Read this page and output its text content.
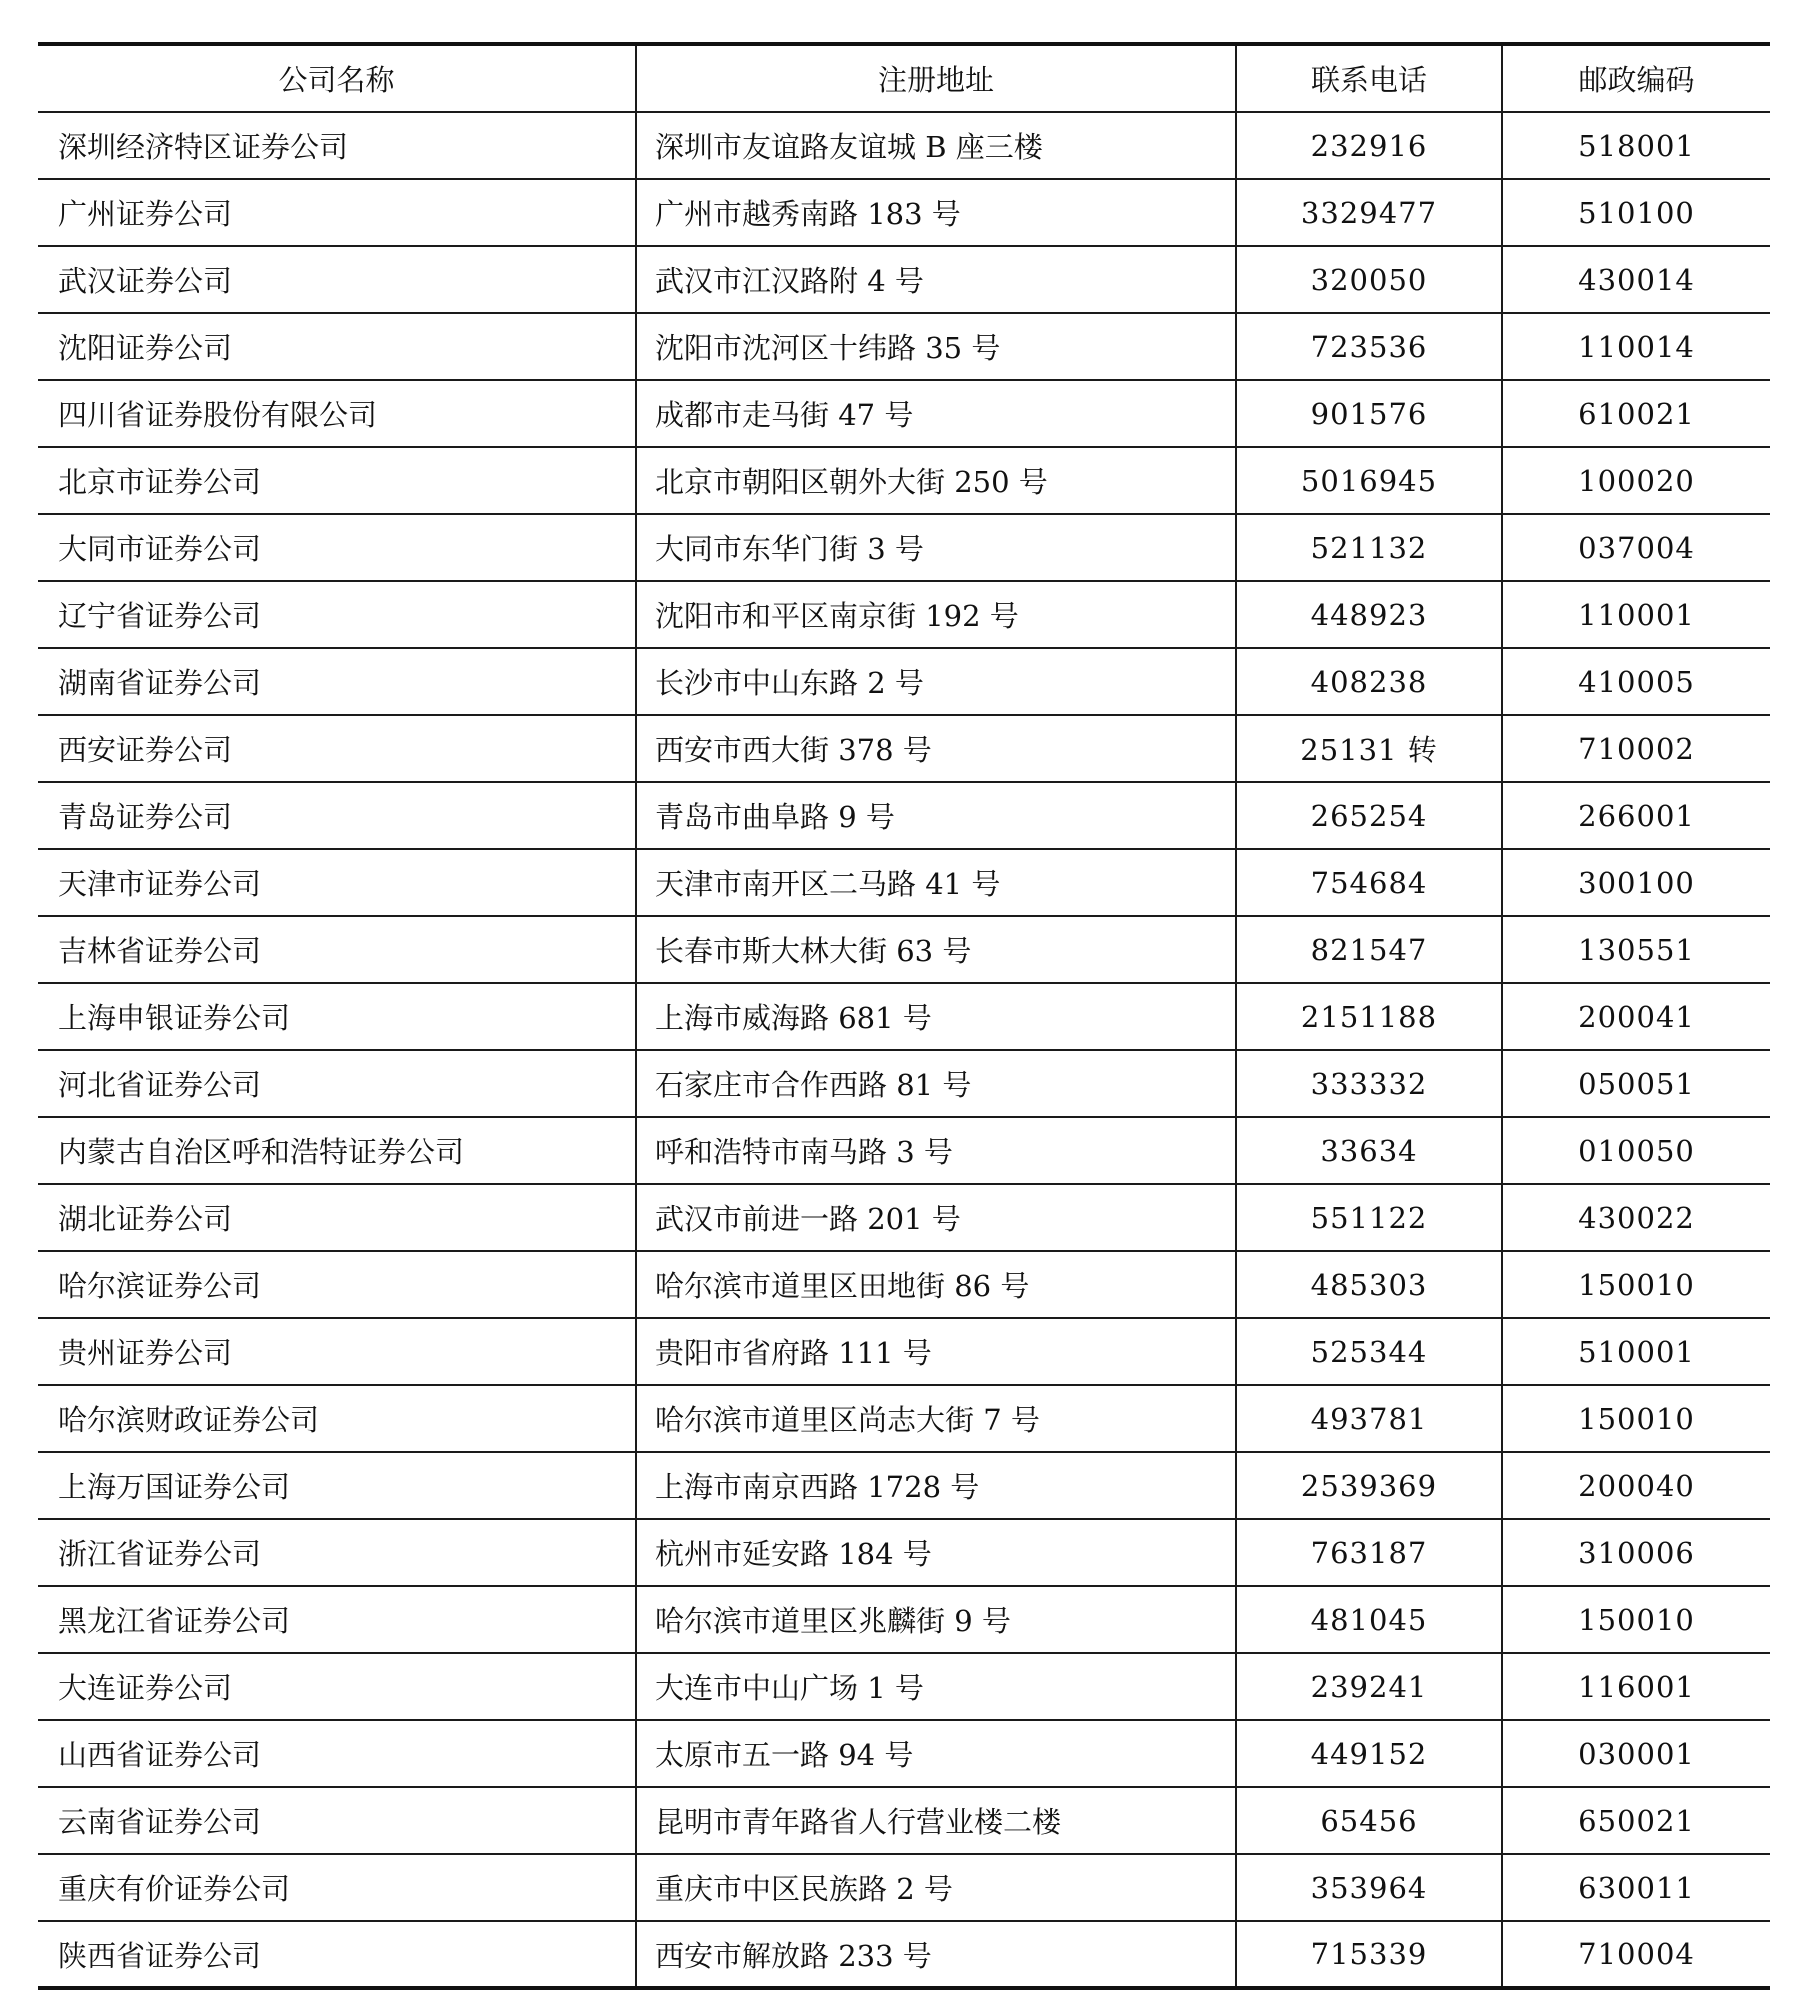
公司名称	注册地址	联系电话	邮政编码
深圳经济特区证券公司	深圳市友谊路友谊城 B 座三楼	232916	518001
广州证券公司	广州市越秀南路 183 号	3329477	510100
武汉证券公司	武汉市江汉路附 4 号	320050	430014
沈阳证券公司	沈阳市沈河区十纬路 35 号	723536	110014
四川省证券股份有限公司	成都市走马街 47 号	901576	610021
北京市证券公司	北京市朝阳区朝外大街 250 号	5016945	100020
大同市证券公司	大同市东华门街 3 号	521132	037004
辽宁省证券公司	沈阳市和平区南京街 192 号	448923	110001
湖南省证券公司	长沙市中山东路 2 号	408238	410005
西安证券公司	西安市西大街 378 号	25131 转	710002
青岛证券公司	青岛市曲阜路 9 号	265254	266001
天津市证券公司	天津市南开区二马路 41 号	754684	300100
吉林省证券公司	长春市斯大林大街 63 号	821547	130551
上海申银证券公司	上海市威海路 681 号	2151188	200041
河北省证券公司	石家庄市合作西路 81 号	333332	050051
内蒙古自治区呼和浩特证券公司	呼和浩特市南马路 3 号	33634	010050
湖北证券公司	武汉市前进一路 201 号	551122	430022
哈尔滨证券公司	哈尔滨市道里区田地街 86 号	485303	150010
贵州证券公司	贵阳市省府路 111 号	525344	510001
哈尔滨财政证券公司	哈尔滨市道里区尚志大街 7 号	493781	150010
上海万国证券公司	上海市南京西路 1728 号	2539369	200040
浙江省证券公司	杭州市延安路 184 号	763187	310006
黑龙江省证券公司	哈尔滨市道里区兆麟街 9 号	481045	150010
大连证券公司	大连市中山广场 1 号	239241	116001
山西省证券公司	太原市五一路 94 号	449152	030001
云南省证券公司	昆明市青年路省人行营业楼二楼	65456	650021
重庆有价证券公司	重庆市中区民族路 2 号	353964	630011
陕西省证券公司	西安市解放路 233 号	715339	710004
